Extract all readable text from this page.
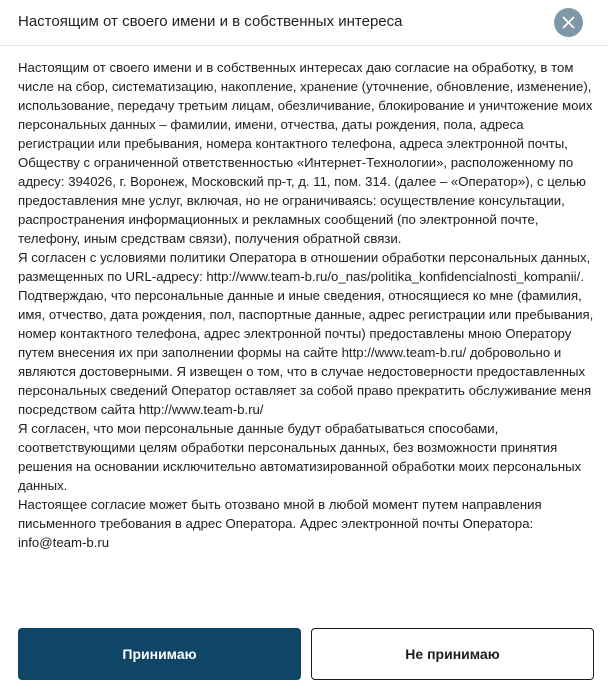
Настоящим от своего имени и в собственных интереса

Настоящим от своего имени и в собственных интересах даю согласие на обработку, в том числе на сбор, систематизацию, накопление, хранение (уточнение, обновление, изменение), использование, передачу третьим лицам, обезличивание, блокирование и уничтожение моих персональных данных – фамилии, имени, отчества, даты рождения, пола, адреса регистрации или пребывания, номера контактного телефона, адреса электронной почты, Обществу с ограниченной ответственностью «Интернет-Технологии», расположенному по адресу: 394026, г. Воронеж, Московский пр-т, д. 11, пом. 314. (далее – «Оператор»), с целью предоставления мне услуг, включая, но не ограничиваясь: осуществление консультации, распространения информационных и рекламных сообщений (по электронной почте, телефону, иным средствам связи), получения обратной связи.

Я согласен с условиями политики Оператора в отношении обработки персональных данных, размещенных по URL-адресу: http://www.team-b.ru/o_nas/politika_konfidencialnosti_kompanii/.

Подтверждаю, что персональные данные и иные сведения, относящиеся ко мне (фамилия, имя, отчество, дата рождения, пол, паспортные данные, адрес регистрации или пребывания, номер контактного телефона, адрес электронной почты) предоставлены мною Оператору путем внесения их при заполнении формы на сайте http://www.team-b.ru/ добровольно и являются достоверными. Я извещен о том, что в случае недостоверности предоставленных персональных сведений Оператор оставляет за собой право прекратить обслуживание меня посредством сайта http://www.team-b.ru/

Я согласен, что мои персональные данные будут обрабатываться способами, соответствующими целям обработки персональных данных, без возможности принятия решения на основании исключительно автоматизированной обработки моих персональных данных.

Настоящее согласие может быть отозвано мной в любой момент путем направления письменного требования в адрес Оператора. Адрес электронной почты Оператора: info@team-b.ru

Принимаю	Не принимаю
